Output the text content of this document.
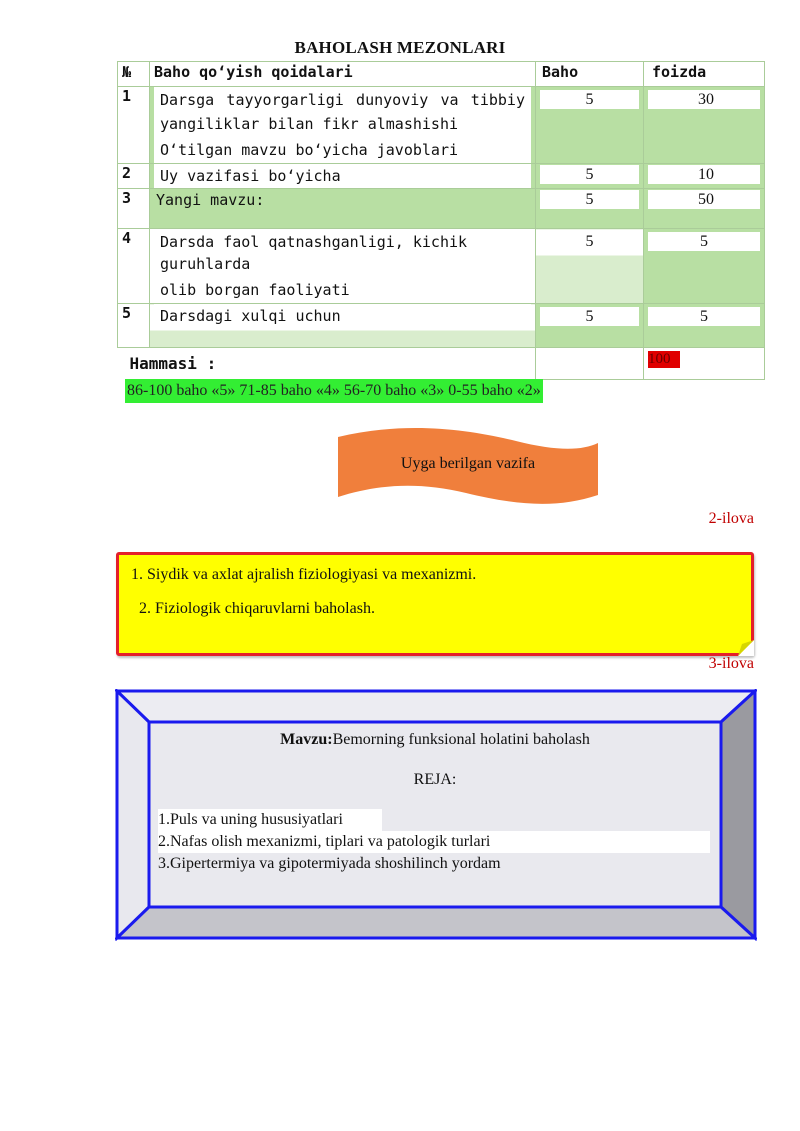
BAHOLASH MEZONLARI
№	Baho qo‘yish qoidalari	Baho	foizda
1	Darsga tayyorgarligi dunyoviy va tibbiy
yangiliklar bilan fikr almashishi
O‘tilgan mavzu bo‘yicha javoblari	5	30

2	Uy vazifasi bo‘yicha	5	10

3	Yangi mavzu:	5	50

4	Darsda faol qatnashganligi, kichik guruhlarda
olib borgan faoliyati	5	5

5	Darsdagi xulqi uchun	5	5

Hammasi :			100
86-100 baho «5» 71-85 baho «4» 56-70 baho «3» 0-55 baho «2»
Uyga berilgan vazifa
2-ilova
1. Siydik va axlat ajralish fiziologiyasi va mexanizmi.
2. Fiziologik chiqaruvlarni baholash.
3-ilova
Mavzu:Bemorning funksional holatini baholash
REJA:
1.Puls va uning hususiyatlari
2.Nafas olish mexanizmi, tiplari va patologik turlari
3.Gipertermiya va gipotermiyada shoshilinch yordam
